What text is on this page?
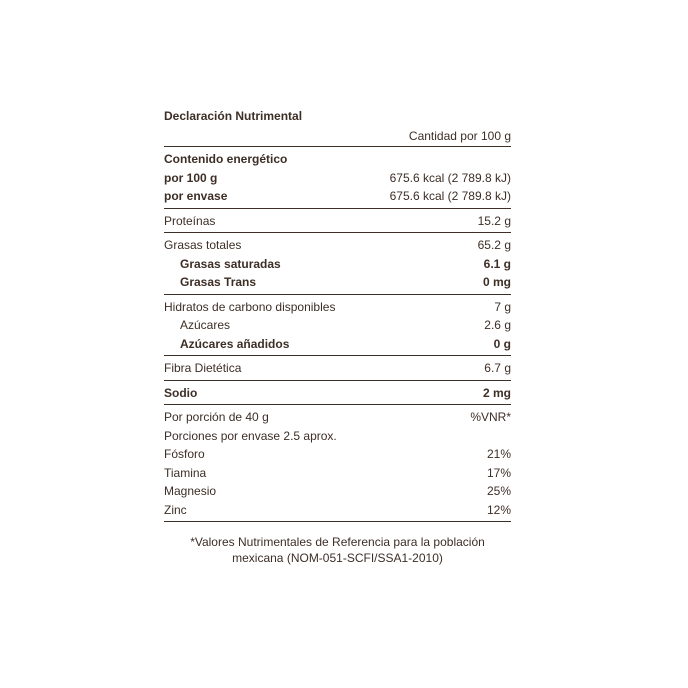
Declaración Nutrimental
Cantidad por 100 g
Contenido energético
por 100 g	675.6 kcal (2 789.8 kJ)
por envase	675.6 kcal (2 789.8 kJ)
Proteínas	15.2 g
Grasas totales	65.2 g
Grasas saturadas	6.1 g
Grasas Trans	0 mg
Hidratos de carbono disponibles	7 g
Azúcares	2.6 g
Azúcares añadidos	0 g
Fibra Dietética	6.7 g
Sodio	2 mg
Por porción de 40 g	%VNR*
Porciones por envase 2.5 aprox.
Fósforo	21%
Tiamina	17%
Magnesio	25%
Zinc	12%
*Valores Nutrimentales de Referencia para la población
mexicana (NOM-051-SCFI/SSA1-2010)
